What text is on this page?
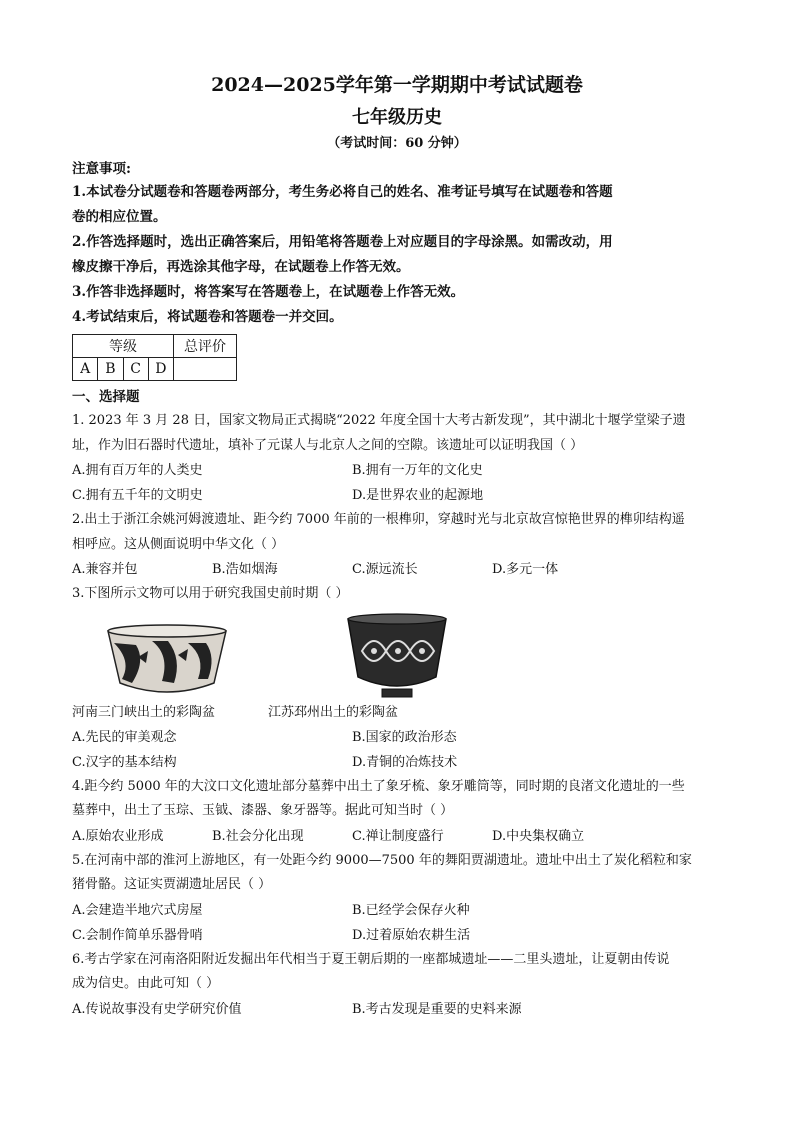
2024—2025学年第一学期期中考试试题卷
七年级历史
（考试时间：60 分钟）
注意事项:
1.本试卷分试题卷和答题卷两部分，考生务必将自己的姓名、准考证号填写在试题卷和答题
卷的相应位置。
2.作答选择题时，选出正确答案后，用铅笔将答题卷上对应题目的字母涂黑。如需改动，用
橡皮擦干净后，再选涂其他字母，在试题卷上作答无效。
3.作答非选择题时，将答案写在答题卷上，在试题卷上作答无效。
4.考试结束后，将试题卷和答题卷一并交回。
等级				总评价
A	B	C	D	
一、选择题
1. 2023 年 3 月 28 日，国家文物局正式揭晓“2022 年度全国十大考古新发现”，其中湖北十堰学堂梁子遗
址，作为旧石器时代遗址，填补了元谋人与北京人之间的空隙。该遗址可以证明我国（ ）
A.拥有百万年的人类史	B.拥有一万年的文化史
C.拥有五千年的文明史	D.是世界农业的起源地
2.出土于浙江余姚河姆渡遗址、距今约 7000 年前的一根榫卯，穿越时光与北京故宫惊艳世界的榫卯结构遥
相呼应。这从侧面说明中华文化（ ）
A.兼容并包	B.浩如烟海	C.源远流长	D.多元一体
3.下图所示文物可以用于研究我国史前时期（ ）
河南三门峡出土的彩陶盆	江苏邳州出土的彩陶盆
A.先民的审美观念	B.国家的政治形态
C.汉字的基本结构	D.青铜的冶炼技术
4.距今约 5000 年的大汶口文化遗址部分墓葬中出土了象牙梳、象牙雕筒等，同时期的良渚文化遗址的一些
墓葬中，出土了玉琮、玉钺、漆器、象牙器等。据此可知当时（ ）
A.原始农业形成	B.社会分化出现	C.禅让制度盛行	D.中央集权确立
5.在河南中部的淮河上游地区，有一处距今约 9000—7500 年的舞阳贾湖遗址。遗址中出土了炭化稻粒和家
猪骨骼。这证实贾湖遗址居民（ ）
A.会建造半地穴式房屋	B.已经学会保存火种
C.会制作简单乐器骨哨	D.过着原始农耕生活
6.考古学家在河南洛阳附近发掘出年代相当于夏王朝后期的一座都城遗址——二里头遗址，让夏朝由传说
成为信史。由此可知（ ）
A.传说故事没有史学研究价值	B.考古发现是重要的史料来源
